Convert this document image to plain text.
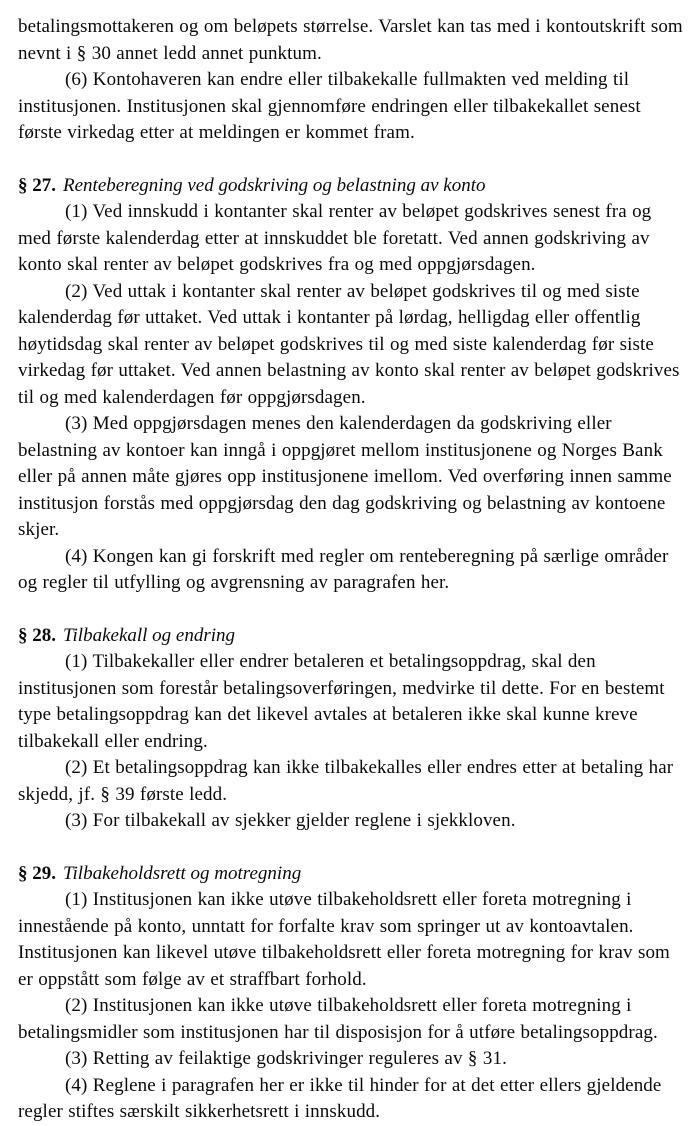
betalingsmottakeren og om beløpets størrelse. Varslet kan tas med i kontoutskrift som nevnt i § 30 annet ledd annet punktum.

(6) Kontohaveren kan endre eller tilbakekalle fullmakten ved melding til institusjonen. Institusjonen skal gjennomføre endringen eller tilbakekallet senest første virkedag etter at meldingen er kommet fram.

§ 27. Renteberegning ved godskriving og belastning av konto

(1) Ved innskudd i kontanter skal renter av beløpet godskrives senest fra og med første kalenderdag etter at innskuddet ble foretatt. Ved annen godskriving av konto skal renter av beløpet godskrives fra og med oppgjørsdagen.

(2) Ved uttak i kontanter skal renter av beløpet godskrives til og med siste kalenderdag før uttaket. Ved uttak i kontanter på lørdag, helligdag eller offentlig høytidsdag skal renter av beløpet godskrives til og med siste kalenderdag før siste virkedag før uttaket. Ved annen belastning av konto skal renter av beløpet godskrives til og med kalenderdagen før oppgjørsdagen.

(3) Med oppgjørsdagen menes den kalenderdagen da godskriving eller belastning av kontoer kan inngå i oppgjøret mellom institusjonene og Norges Bank eller på annen måte gjøres opp institusjonene imellom. Ved overføring innen samme institusjon forstås med oppgjørsdag den dag godskriving og belastning av kontoene skjer.

(4) Kongen kan gi forskrift med regler om renteberegning på særlige områder og regler til utfylling og avgrensning av paragrafen her.

§ 28. Tilbakekall og endring

(1) Tilbakekaller eller endrer betaleren et betalingsoppdrag, skal den institusjonen som forestår betalingsoverføringen, medvirke til dette. For en bestemt type betalingsoppdrag kan det likevel avtales at betaleren ikke skal kunne kreve tilbakekall eller endring.

(2) Et betalingsoppdrag kan ikke tilbakekalles eller endres etter at betaling har skjedd, jf. § 39 første ledd.

(3) For tilbakekall av sjekker gjelder reglene i sjekkloven.

§ 29. Tilbakeholdsrett og motregning

(1) Institusjonen kan ikke utøve tilbakeholdsrett eller foreta motregning i innestående på konto, unntatt for forfalte krav som springer ut av kontoavtalen. Institusjonen kan likevel utøve tilbakeholdsrett eller foreta motregning for krav som er oppstått som følge av et straffbart forhold.

(2) Institusjonen kan ikke utøve tilbakeholdsrett eller foreta motregning i betalingsmidler som institusjonen har til disposisjon for å utføre betalingsoppdrag.

(3) Retting av feilaktige godskrivinger reguleres av § 31.

(4) Reglene i paragrafen her er ikke til hinder for at det etter ellers gjeldende regler stiftes særskilt sikkerhetsrett i innskudd.
